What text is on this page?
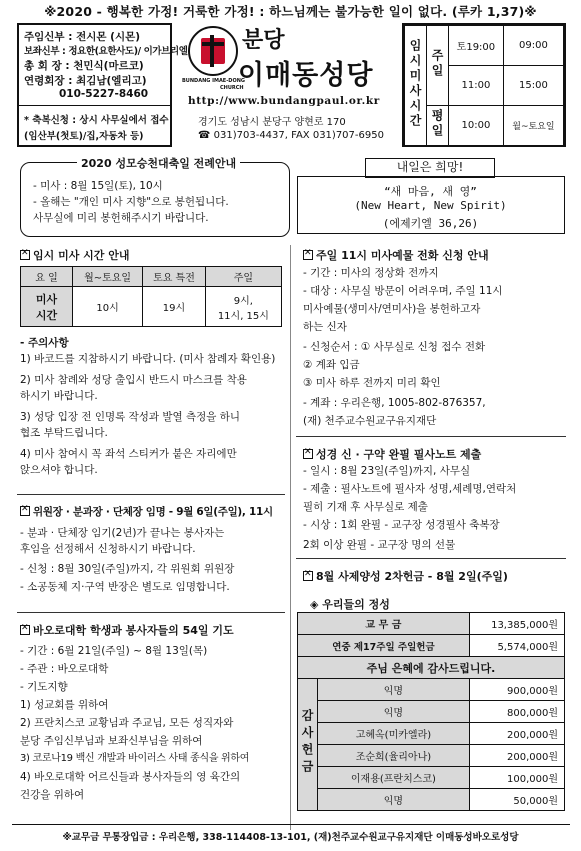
※2020 - 행복한 가정! 거룩한 가정! : 하느님께는 불가능한 일이 없다. (루카 1,37)※
주임신부 : 전시몬 (시몬)
보좌신부 : 정요한(요한사도)/ 이가브리엘
총 회 장 : 천민식(마르코)
연령회장 : 최김남(엘리고)
010-5227-8460
* 축복신청 : 상시 사무실에서 접수
(임산부(첫토)/집,자동차 등)
BUNDANG IMAE-DONG
CHURCH
분당
이매동성당
http://www.bundangpaul.or.kr
경기도 성남시 분당구 양현로 170
☎ 031)703-4437, FAX 031)707-6950
임시미사시간	주일	토19:00	09:00
		11:00	15:00
	평일	10:00	월~토요일
2020 성모승천대축일 전례안내
- 미사 : 8월 15일(토), 10시
- 올해는 "개인 미사 지향"으로 봉헌됩니다.
사무실에 미리 봉헌해주시기 바랍니다.
내일은 희망!
“새 마음, 새 영”
(New Heart, New Spirit)
(에제키엘 36,26)
✕임시 미사 시간 안내
요 일	월~토요일	토요 특전	주일
미사
시간	10시	19시	9시,
11시, 15시
- 주의사항
1) 바코드를 지참하시기 바랍니다. (미사 참례자 확인용)
2) 미사 참례와 성당 출입시 반드시 마스크를 착용
하시기 바랍니다.
3) 성당 입장 전 인명록 작성과 발열 측정을 하니
협조 부탁드립니다.
4) 미사 참여시 꼭 좌석 스티커가 붙은 자리에만
앉으셔야 합니다.
✕위원장 · 분과장 · 단체장 임명 - 9월 6일(주일), 11시
- 분과 · 단체장 임기(2년)가 끝나는 봉사자는
후임을 선정해서 신청하시기 바랍니다.
- 신청 : 8월 30일(주일)까지, 각 위원회 위원장
- 소공동체 지·구역 반장은 별도로 임명합니다.
✕바오로대학 학생과 봉사자들의 54일 기도
- 기간 : 6월 21일(주일) ~ 8월 13일(목)
- 주관 : 바오로대학
- 기도지향
1) 성교회를 위하여
2) 프란치스코 교황님과 주교님, 모든 성직자와
분당 주임신부님과 보좌신부님을 위하여
3) 코로나19 백신 개발과 바이러스 사태 종식을 위하여
4) 바오로대학 어르신들과 봉사자들의 영 육간의
건강을 위하여
✕주일 11시 미사예물 전화 신청 안내
- 기간 : 미사의 정상화 전까지
- 대상 : 사무실 방문이 어려우며, 주일 11시
미사예물(생미사/연미사)을 봉헌하고자
하는 신자
- 신청순서 : ① 사무실로 신청 접수 전화
② 계좌 입금
③ 미사 하루 전까지 미리 확인
- 계좌 : 우리은행, 1005-802-876357,
(재) 천주교수원교구유지재단
✕성경 신 · 구약 완필 필사노트 제출
- 일시 : 8월 23일(주일)까지, 사무실
- 제출 : 필사노트에 필사자 성명,세례명,연락처
필히 기재 후 사무실로 제출
- 시상 : 1회 완필 - 교구장 성경필사 축복장
2회 이상 완필 - 교구장 명의 선물
✕8월 사제양성 2차헌금 - 8월 2일(주일)
◈ 우리들의 정성
교 무 금		13,385,000원
연중 제17주일 주일헌금		5,574,000원
주님 은혜에 감사드립니다.		
감사헌금	익명	900,000원
	익명	800,000원
	고혜옥(미카엘라)	200,000원
	조순희(율리아나)	200,000원
	이재용(프란치스코)	100,000원
	익명	50,000원
※교무금 무통장입금 : 우리은행, 338-114408-13-101, (재)천주교수원교구유지재단 이매동성바오로성당
